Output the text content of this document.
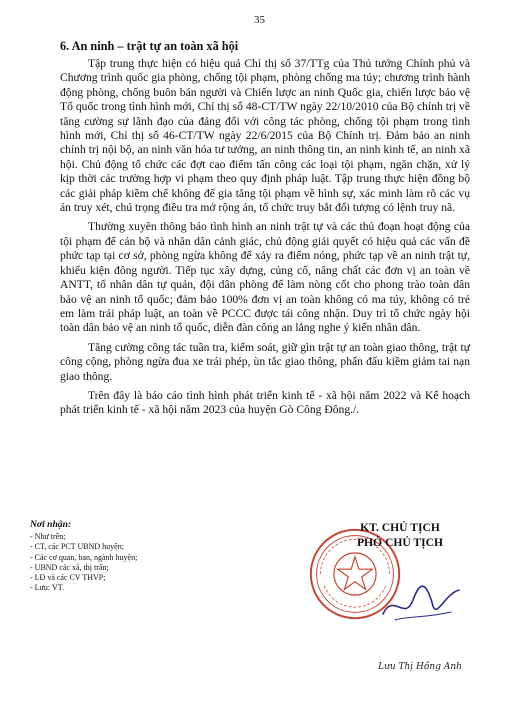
35
6. An ninh – trật tự an toàn xã hội

Tập trung thực hiện có hiệu quả Chỉ thị số 37/TTg của Thủ tướng Chính phủ và Chương trình quốc gia phòng, chống tội phạm, phòng chống ma túy; chương trình hành động phòng, chống buôn bán người và Chiến lược an ninh Quốc gia, chiến lược bảo vệ Tổ quốc trong tình hình mới, Chỉ thị số 48-CT/TW ngày 22/10/2010 của Bộ chính trị về tăng cường sự lãnh đạo của đảng đối với công tác phòng, chống tội phạm trong tình hình mới, Chỉ thị số 46-CT/TW ngày 22/6/2015 của Bộ Chính trị. Đảm bảo an ninh chính trị nội bộ, an ninh văn hóa tư tưởng, an ninh thông tin, an ninh kinh tế, an ninh xã hội. Chủ động tổ chức các đợt cao điểm tấn công các loại tội phạm, ngăn chặn, xử lý kịp thời các trường hợp vi phạm theo quy định pháp luật. Tập trung thực hiện đồng bộ các giải pháp kiềm chế không để gia tăng tội phạm về hình sự, xác minh làm rõ các vụ án truy xét, chú trọng điều tra mở rộng án, tổ chức truy bắt đối tượng có lệnh truy nã.

Thường xuyên thông báo tình hình an ninh trật tự và các thủ đoạn hoạt động của tội phạm để cán bộ và nhân dân cảnh giác, chủ động giải quyết có hiệu quả các vấn đề phức tạp tại cơ sở, phòng ngừa không để xảy ra điểm nóng, phức tạp về an ninh trật tự, khiếu kiện đông người. Tiếp tục xây dựng, củng cố, nâng chất các đơn vị an toàn về ANTT, tổ nhân dân tự quản, đội dân phòng để làm nòng cốt cho phong trào toàn dân bảo vệ an ninh tổ quốc; đảm bảo 100% đơn vị an toàn không có ma túy, không có trẻ em làm trái pháp luật, an toàn về PCCC được tái công nhận. Duy trì tổ chức ngày hội toàn dân bảo vệ an ninh tổ quốc, diễn đàn công an lắng nghe ý kiến nhân dân.

Tăng cường công tác tuần tra, kiểm soát, giữ gìn trật tự an toàn giao thông, trật tự công cộng, phòng ngừa đua xe trái phép, ùn tắc giao thông, phấn đấu kiềm giảm tai nạn giao thông.

Trên đây là báo cáo tình hình phát triển kinh tế - xã hội năm 2022 và Kế hoạch phát triển kinh tế - xã hội năm 2023 của huyện Gò Công Đông./.

Nơi nhận:
- Như trên;
- CT, các PCT UBND huyện;
- Các cơ quan, ban, ngành huyện;
- UBND các xã, thị trấn;
- LĐ và các CV THVP;
- Lưu: VT.
KT. CHỦ TỊCH
PHÓ CHỦ TỊCH
Lưu Thị Hồng Anh
